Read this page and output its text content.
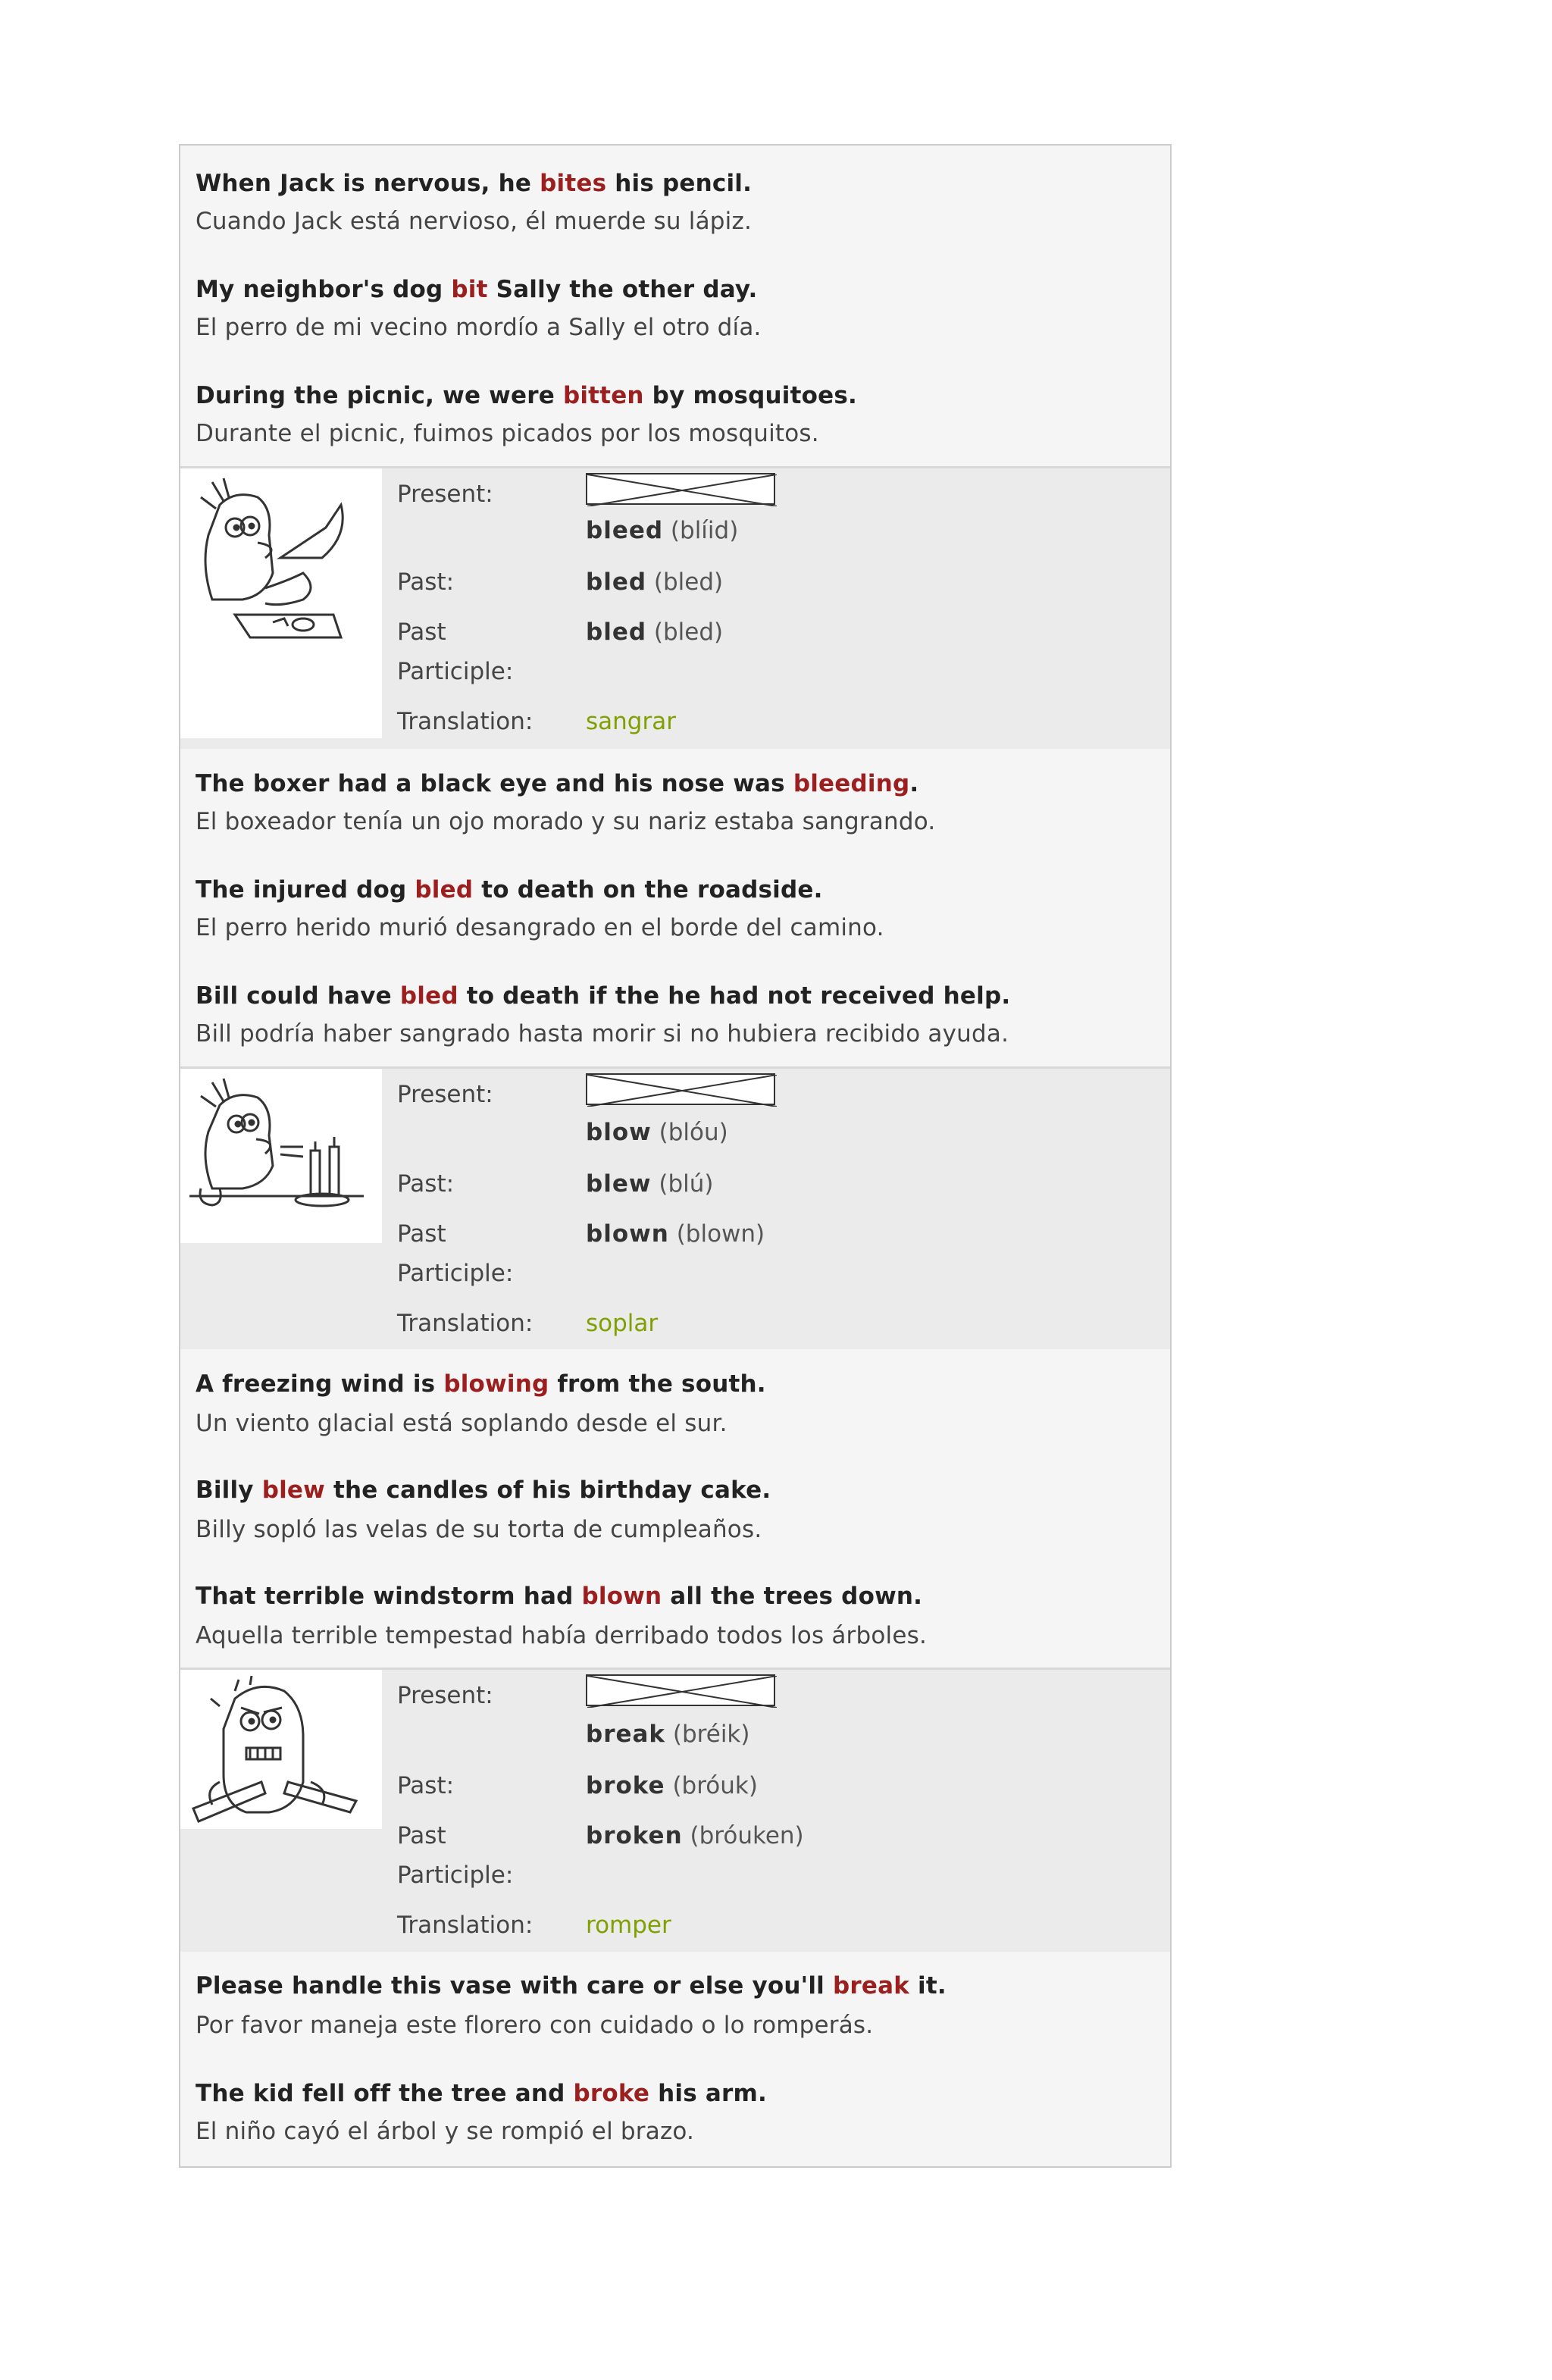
When Jack is nervous, he bites his pencil.
Cuando Jack está nervioso, él muerde su lápiz.
My neighbor's dog bit Sally the other day.
El perro de mi vecino mordío a Sally el otro día.
During the picnic, we were bitten by mosquitoes.
Durante el picnic, fuimos picados por los mosquitos.
Present:
bleed (blíid)
Past:	bled (bled)
Past
Participle:
bled (bled)
Translation: sangrar
The boxer had a black eye and his nose was bleeding.
El boxeador tenía un ojo morado y su nariz estaba sangrando.
The injured dog bled to death on the roadside.
El perro herido murió desangrado en el borde del camino.
Bill could have bled to death if the he had not received help.
Bill podría haber sangrado hasta morir si no hubiera recibido ayuda.
Present:
blow (blóu)
Past:	blew (blú)
Past
Participle:
blown (blown)
Translation: soplar
A freezing wind is blowing from the south.
Un viento glacial está soplando desde el sur.
Billy blew the candles of his birthday cake.
Billy sopló las velas de su torta de cumpleaños.
That terrible windstorm had blown all the trees down.
Aquella terrible tempestad había derribado todos los árboles.
Present:
break (bréik)
Past:	broke (bróuk)
Past
Participle:
broken (bróuken)
Translation: romper
Please handle this vase with care or else you'll break it.
Por favor maneja este florero con cuidado o lo romperás.
The kid fell off the tree and broke his arm.
El niño cayó el árbol y se rompió el brazo.
